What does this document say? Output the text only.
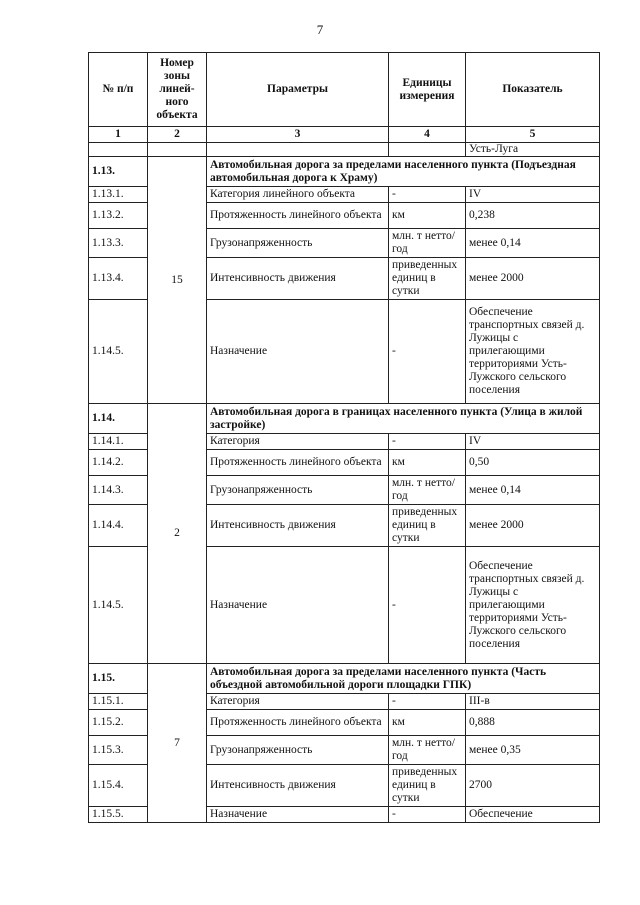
7
№ п/п	Номер зоны линей-ного объекта	Параметры	Единицы измерения	Показатель
1	2	3	4	5
				Усть-Луга
1.13.	15	Автомобильная дорога за пределами населенного пункта (Подъездная автомобильная дорога к Храму)		
1.13.1.		Категория линейного объекта	-	IV
1.13.2.		Протяженность линейного объекта	км	0,238
1.13.3.		Грузонапряженность	млн. т нетто/год	менее 0,14
1.13.4.		Интенсивность движения	приведенных единиц в сутки	менее 2000
1.14.5.		Назначение	-	Обеспечение транспортных связей д. Лужицы с прилегающими территориями Усть-Лужского сельского поселения
1.14.	2	Автомобильная дорога в границах населенного пункта (Улица в жилой застройке)		
1.14.1.		Категория	-	IV
1.14.2.		Протяженность линейного объекта	км	0,50
1.14.3.		Грузонапряженность	млн. т нетто/год	менее 0,14
1.14.4.		Интенсивность движения	приведенных единиц в сутки	менее 2000
1.14.5.		Назначение	-	Обеспечение транспортных связей д. Лужицы с прилегающими территориями Усть-Лужского сельского поселения
1.15.	7	Автомобильная дорога за пределами населенного пункта (Часть объездной автомобильной дороги площадки ГПК)		
1.15.1.		Категория	-	III-в
1.15.2.		Протяженность линейного объекта	км	0,888
1.15.3.		Грузонапряженность	млн. т нетто/год	менее 0,35
1.15.4.		Интенсивность движения	приведенных единиц в сутки	2700
1.15.5.		Назначение	-	Обеспечение
